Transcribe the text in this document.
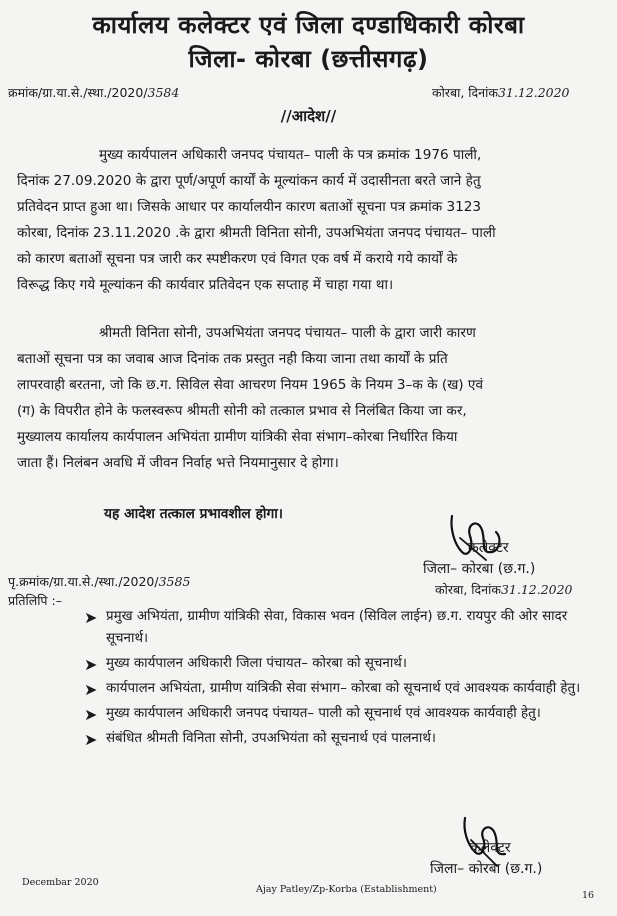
कार्यालय कलेक्टर एवं जिला दण्डाधिकारी कोरबा
जिला- कोरबा (छत्तीसगढ़)
क्रमांक/ग्रा.या.से./स्था./2020/3584	कोरबा, दिनांक31.12.2020
//आदेश//
मुख्य कार्यपालन अधिकारी जनपद पंचायत– पाली के पत्र क्रमांक 1976 पाली,
दिनांक 27.09.2020 के द्वारा पूर्ण/अपूर्ण कार्यों के मूल्यांकन कार्य में उदासीनता बरते जाने हेतु
प्रतिवेदन प्राप्त हुआ था। जिसके आधार पर कार्यालयीन कारण बताओं सूचना पत्र क्रमांक 3123
कोरबा, दिनांक 23.11.2020 .के द्वारा श्रीमती विनिता सोनी, उपअभियंता जनपद पंचायत– पाली
को कारण बताओं सूचना पत्र जारी कर स्पष्टीकरण एवं विगत एक वर्ष में कराये गये कार्यों के
विरूद्ध किए गये मूल्यांकन की कार्यवार प्रतिवेदन एक सप्ताह में चाहा गया था।
श्रीमती विनिता सोनी, उपअभियंता जनपद पंचायत– पाली के द्वारा जारी कारण
बताओं सूचना पत्र का जवाब आज दिनांक तक प्रस्तुत नही किया जाना तथा कार्यों के प्रति
लापरवाही बरतना, जो कि छ.ग. सिविल सेवा आचरण नियम 1965 के नियम 3–क के (ख) एवं
(ग) के विपरीत होने के फलस्वरूप श्रीमती सोनी को तत्काल प्रभाव से निलंबित किया जा कर,
मुख्यालय कार्यालय कार्यपालन अभियंता ग्रामीण यांत्रिकी सेवा संभाग–कोरबा निर्धारित किया
जाता हैं। निलंबन अवधि में जीवन निर्वाह भत्ते नियमानुसार दे होगा।
यह आदेश तत्काल प्रभावशील होगा।
कलेक्टर
जिला– कोरबा (छ.ग.)
पृ.क्रमांक/ग्रा.या.से./स्था./2020/3585
कोरबा, दिनांक31.12.2020
प्रतिलिपि :–
➤ प्रमुख अभियंता, ग्रामीण यांत्रिकी सेवा, विकास भवन (सिविल लाईन) छ.ग. रायपुर की ओर सादर सूचनार्थ।
➤ मुख्य कार्यपालन अधिकारी जिला पंचायत– कोरबा को सूचनार्थ।
➤ कार्यपालन अभियंता, ग्रामीण यांत्रिकी सेवा संभाग– कोरबा को सूचनार्थ एवं आवश्यक कार्यवाही हेतु।
➤ मुख्य कार्यपालन अधिकारी जनपद पंचायत– पाली को सूचनार्थ एवं आवश्यक कार्यवाही हेतु।
➤ संबंधित श्रीमती विनिता सोनी, उपअभियंता को सूचनार्थ एवं पालनार्थ।
कलेक्टर
जिला– कोरबा (छ.ग.)
Decembar 2020
Ajay Patley/Zp-Korba (Establishment)
16
